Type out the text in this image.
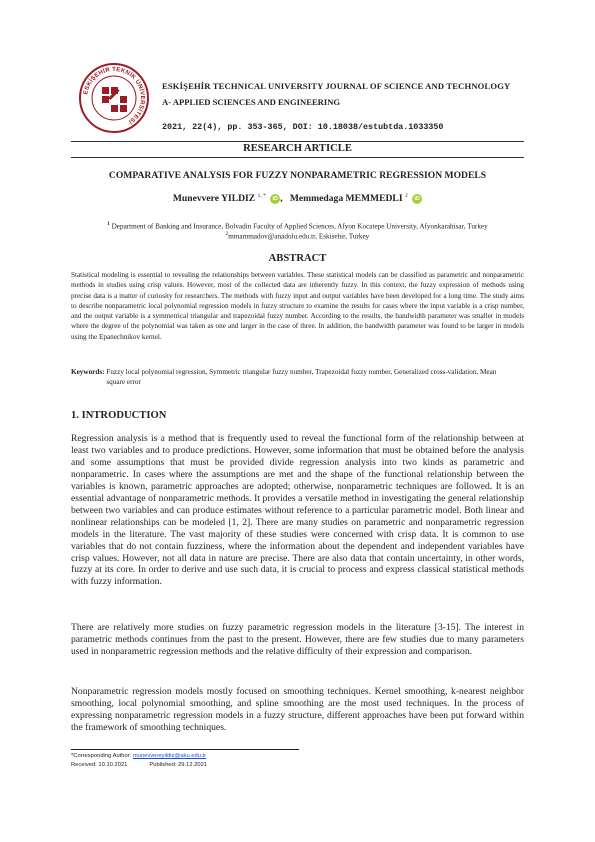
ESKİŞEHİR TEKNİK ÜNİVERSİTESİ
ESKİŞEHİR TECHNICAL UNIVERSITY JOURNAL OF SCIENCE AND TECHNOLOGY
A- APPLIED SCIENCES AND ENGINEERING
2021, 22(4), pp. 353-365, DOI: 10.18038/estubtda.1033350
RESEARCH ARTICLE
COMPARATIVE ANALYSIS FOR FUZZY NONPARAMETRIC REGRESSION MODELS
Munevvere YILDIZ $^{1, *}$ iD , Memmedaga MEMMEDLI $^2$ iD
$^1$ Department of Banking and Insurance, Bolvadin Faculty of Applied Sciences, Afyon Kocatepe University, Afyonkarahisar, Turkey
$^2$mmammadov@anadolu.edu.tr, Eskisehir, Turkey
ABSTRACT
Statistical modeling is essential to revealing the relationships between variables. These statistical models can be classified as parametric and nonparametric methods in studies using crisp values. However, most of the collected data are inherently fuzzy. In this context, the fuzzy expression of methods using precise data is a matter of curiosity for researchers. The methods with fuzzy input and output variables have been developed for a long time. The study aims to describe nonparametric local polynomial regression models in fuzzy structure to examine the results for cases where the input variable is a crisp number, and the output variable is a symmetrical triangular and trapezoidal fuzzy number. According to the results, the bandwidth parameter was smaller in models where the degree of the polynomial was taken as one and larger in the case of three. In addition, the bandwidth parameter was found to be larger in models using the Epanechnikov kernel.
Keywords: Fuzzy local polynomial regression, Symmetric triangular fuzzy number, Trapezoidal fuzzy number, Generalized cross-validation, Mean square error
1. INTRODUCTION
Regression analysis is a method that is frequently used to reveal the functional form of the relationship between at least two variables and to produce predictions. However, some information that must be obtained before the analysis and some assumptions that must be provided divide regression analysis into two kinds as parametric and nonparametric. In cases where the assumptions are met and the shape of the functional relationship between the variables is known, parametric approaches are adopted; otherwise, nonparametric techniques are followed. It is an essential advantage of nonparametric methods. It provides a versatile method in investigating the general relationship between two variables and can produce estimates without reference to a particular parametric model. Both linear and nonlinear relationships can be modeled [1, 2]. There are many studies on parametric and nonparametric regression models in the literature. The vast majority of these studies were concerned with crisp data. It is common to use variables that do not contain fuzziness, where the information about the dependent and independent variables have crisp values. However, not all data in nature are precise. There are also data that contain uncertainty, in other words, fuzzy at its core. In order to derive and use such data, it is crucial to process and express classical statistical methods with fuzzy information.
There are relatively more studies on fuzzy parametric regression models in the literature [3-15]. The interest in parametric methods continues from the past to the present. However, there are few studies due to many parameters used in nonparametric regression methods and the relative difficulty of their expression and comparison.
Nonparametric regression models mostly focused on smoothing techniques. Kernel smoothing, k-nearest neighbor smoothing, local polynomial smoothing, and spline smoothing are the most used techniques. In the process of expressing nonparametric regression models in a fuzzy structure, different approaches have been put forward within the framework of smoothing techniques.
*Corresponding Author: munevvereyildiz@aku.edu.tr
Received: 10.10.2021	Published: 29.12.2021
